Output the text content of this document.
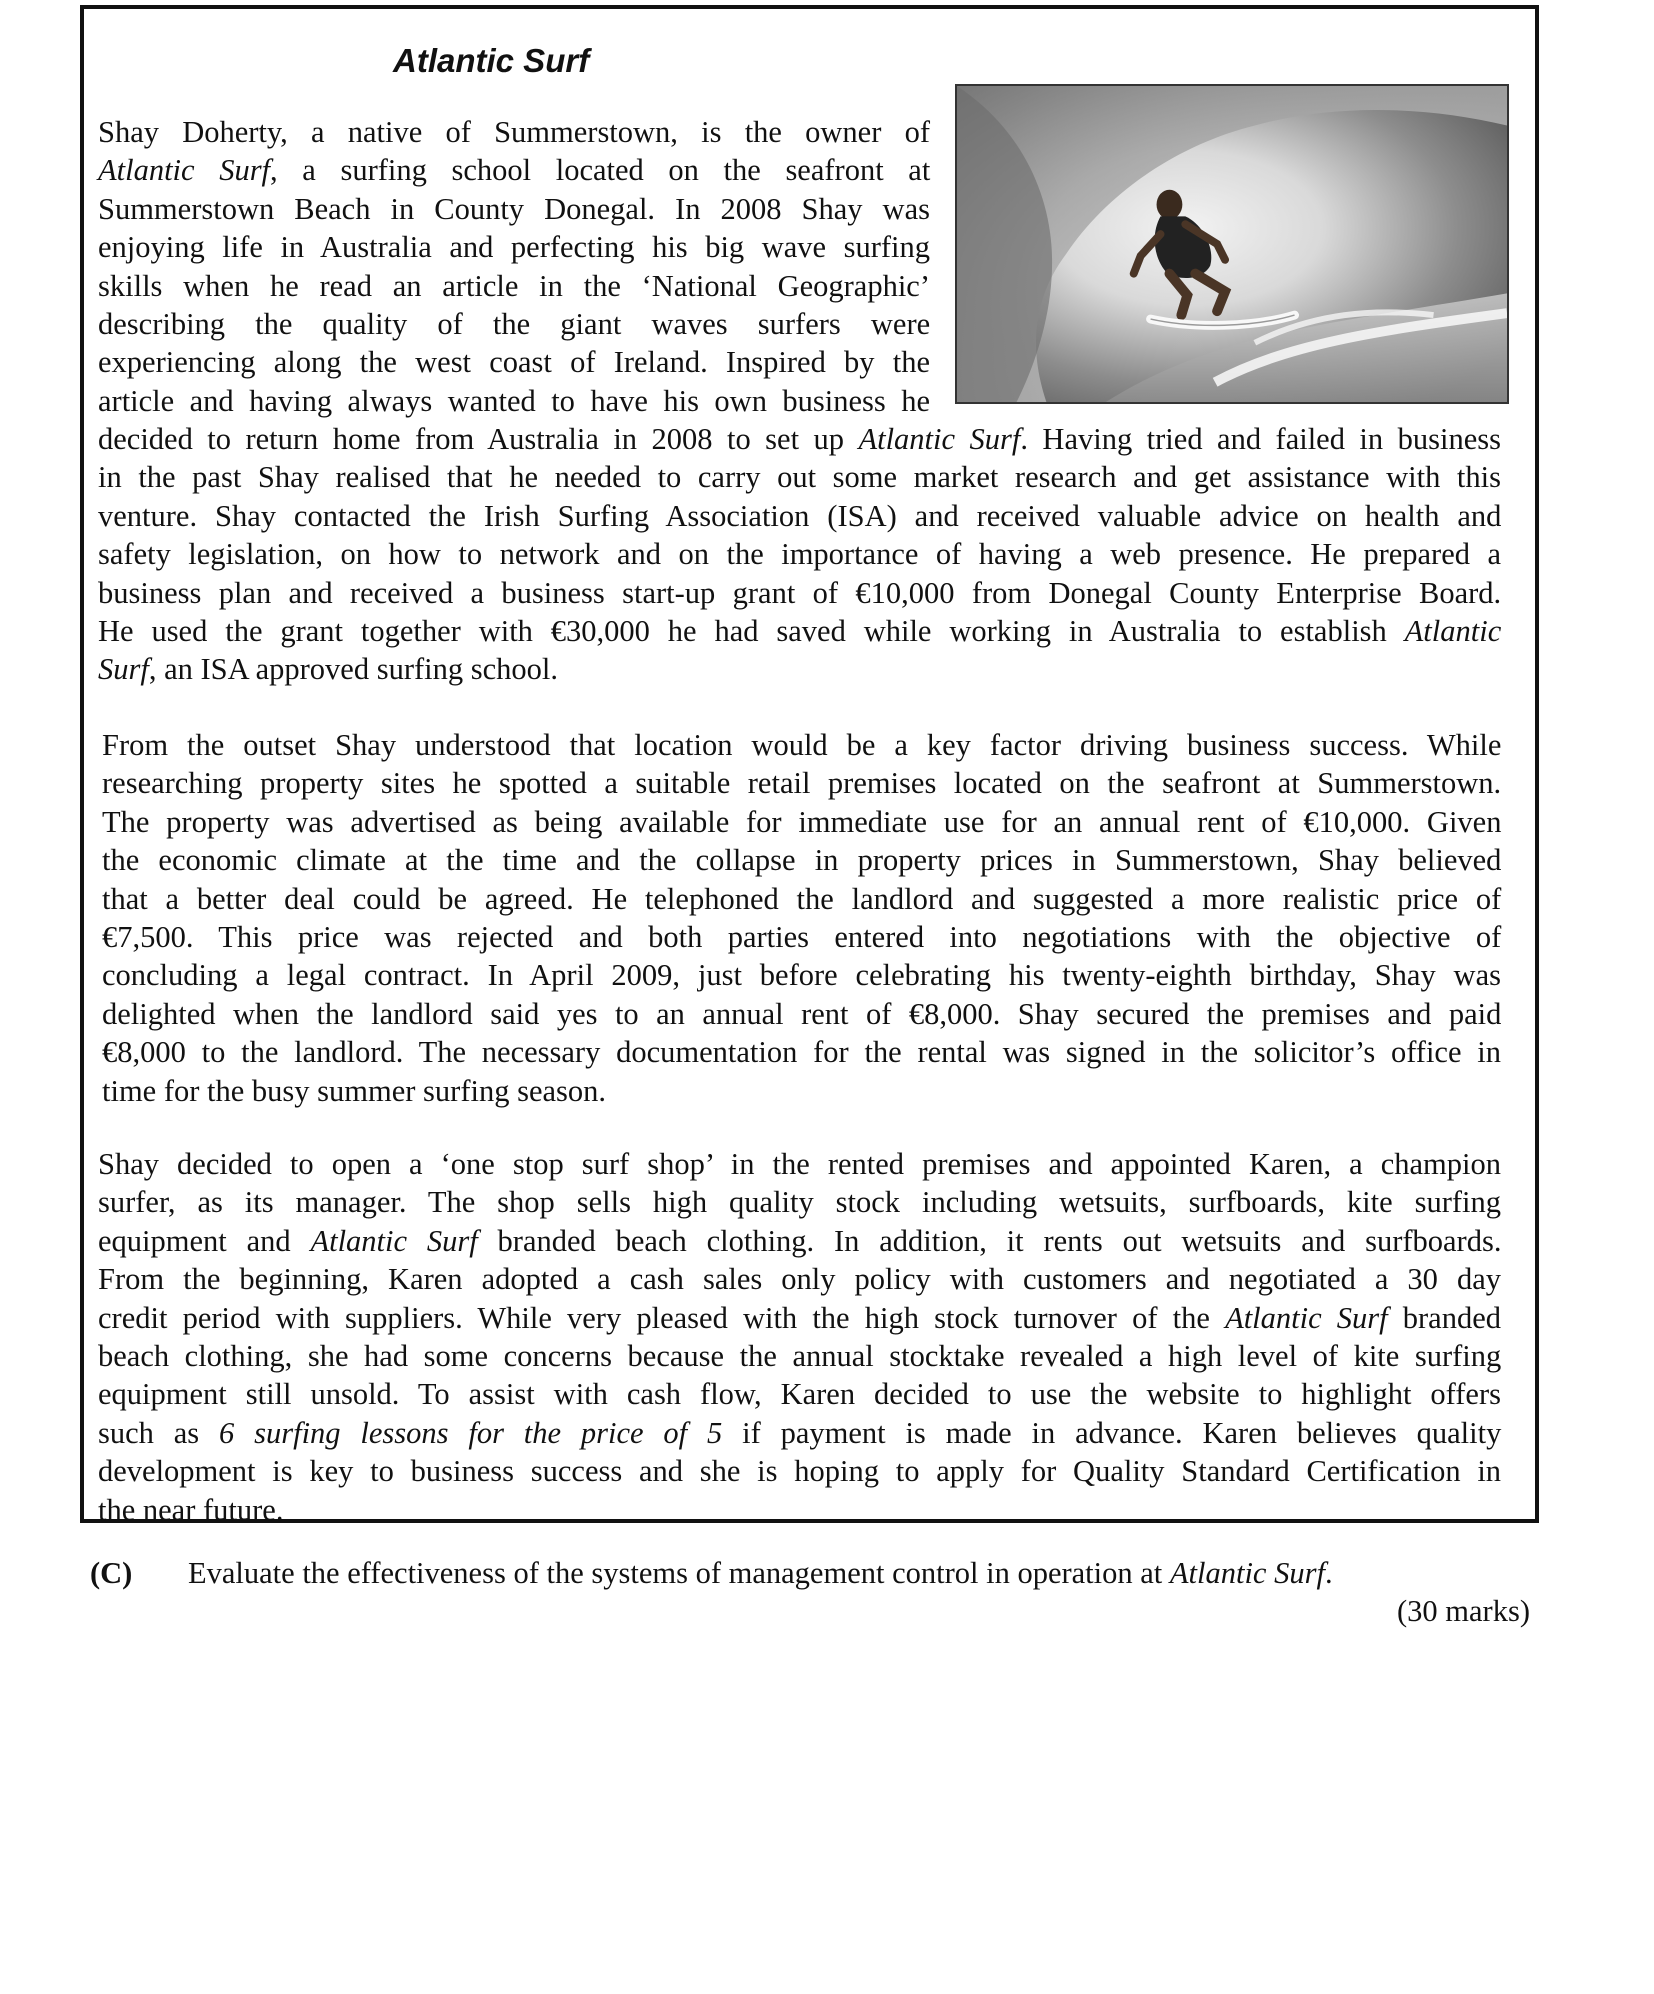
Atlantic Surf
Shay Doherty, a native of Summerstown, is the owner of
Atlantic Surf, a surfing school located on the seafront at
Summerstown Beach in County Donegal. In 2008 Shay was
enjoying life in Australia and perfecting his big wave surfing
skills when he read an article in the ‘National Geographic’
describing the quality of the giant waves surfers were
experiencing along the west coast of Ireland. Inspired by the
article and having always wanted to have his own business he
decided to return home from Australia in 2008 to set up Atlantic Surf. Having tried and failed in business
in the past Shay realised that he needed to carry out some market research and get assistance with this
venture. Shay contacted the Irish Surfing Association (ISA) and received valuable advice on health and
safety legislation, on how to network and on the importance of having a web presence. He prepared a
business plan and received a business start-up grant of €10,000 from Donegal County Enterprise Board.
He used the grant together with €30,000 he had saved while working in Australia to establish Atlantic
Surf, an ISA approved surfing school.
From the outset Shay understood that location would be a key factor driving business success. While
researching property sites he spotted a suitable retail premises located on the seafront at Summerstown.
The property was advertised as being available for immediate use for an annual rent of €10,000. Given
the economic climate at the time and the collapse in property prices in Summerstown, Shay believed
that a better deal could be agreed. He telephoned the landlord and suggested a more realistic price of
€7,500. This price was rejected and both parties entered into negotiations with the objective of
concluding a legal contract. In April 2009, just before celebrating his twenty-eighth birthday, Shay was
delighted when the landlord said yes to an annual rent of €8,000. Shay secured the premises and paid
€8,000 to the landlord. The necessary documentation for the rental was signed in the solicitor’s office in
time for the busy summer surfing season.
Shay decided to open a ‘one stop surf shop’ in the rented premises and appointed Karen, a champion
surfer, as its manager. The shop sells high quality stock including wetsuits, surfboards, kite surfing
equipment and Atlantic Surf branded beach clothing. In addition, it rents out wetsuits and surfboards.
From the beginning, Karen adopted a cash sales only policy with customers and negotiated a 30 day
credit period with suppliers. While very pleased with the high stock turnover of the Atlantic Surf branded
beach clothing, she had some concerns because the annual stocktake revealed a high level of kite surfing
equipment still unsold. To assist with cash flow, Karen decided to use the website to highlight offers
such as 6 surfing lessons for the price of 5 if payment is made in advance. Karen believes quality
development is key to business success and she is hoping to apply for Quality Standard Certification in
the near future.
(C) Evaluate the effectiveness of the systems of management control in operation at Atlantic Surf.
(30 marks)
